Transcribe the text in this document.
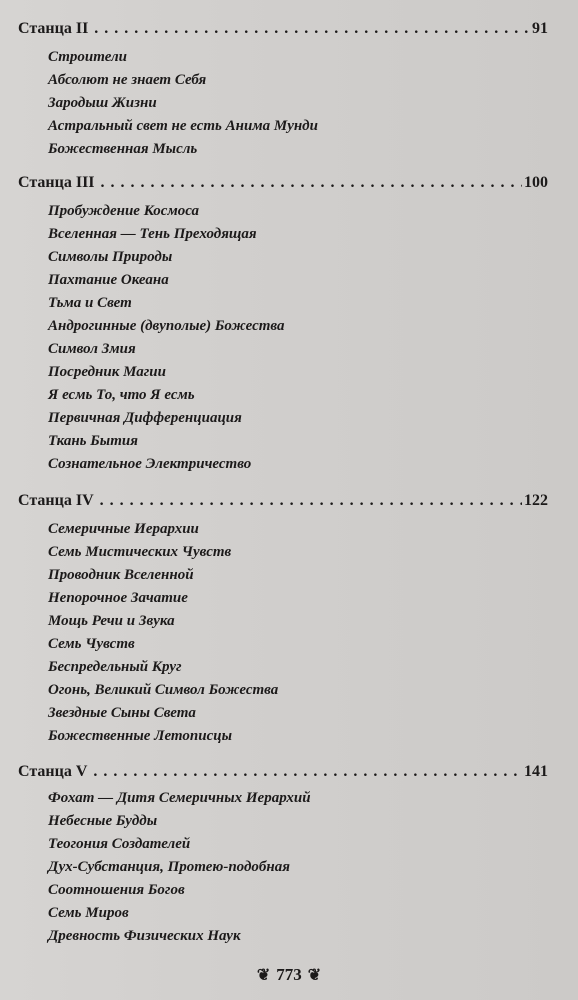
Станца II . . .	91
Строители
Абсолют не знает Себя
Зародыш Жизни
Астральный свет не есть Анима Мунди
Божественная Мысль
Станца III . . .	100
Пробуждение Космоса
Вселенная — Тень Преходящая
Символы Природы
Пахтание Океана
Тьма и Свет
Андрогинные (двуполые) Божества
Символ Змия
Посредник Магии
Я есмь То, что Я есмь
Первичная Дифференциация
Ткань Бытия
Сознательное Электричество
Станца IV . . .	122
Семеричные Иерархии
Семь Мистических Чувств
Проводник Вселенной
Непорочное Зачатие
Мощь Речи и Звука
Семь Чувств
Беспредельный Круг
Огонь, Великий Символ Божества
Звездные Сыны Света
Божественные Летописцы
Станца V . . .	141
Фохат — Дитя Семеричных Иерархий
Небесные Будды
Теогония Создателей
Дух-Субстанция, Протею-подобная
Соотношения Богов
Семь Миров
Древность Физических Наук
❦ 773 ❦
